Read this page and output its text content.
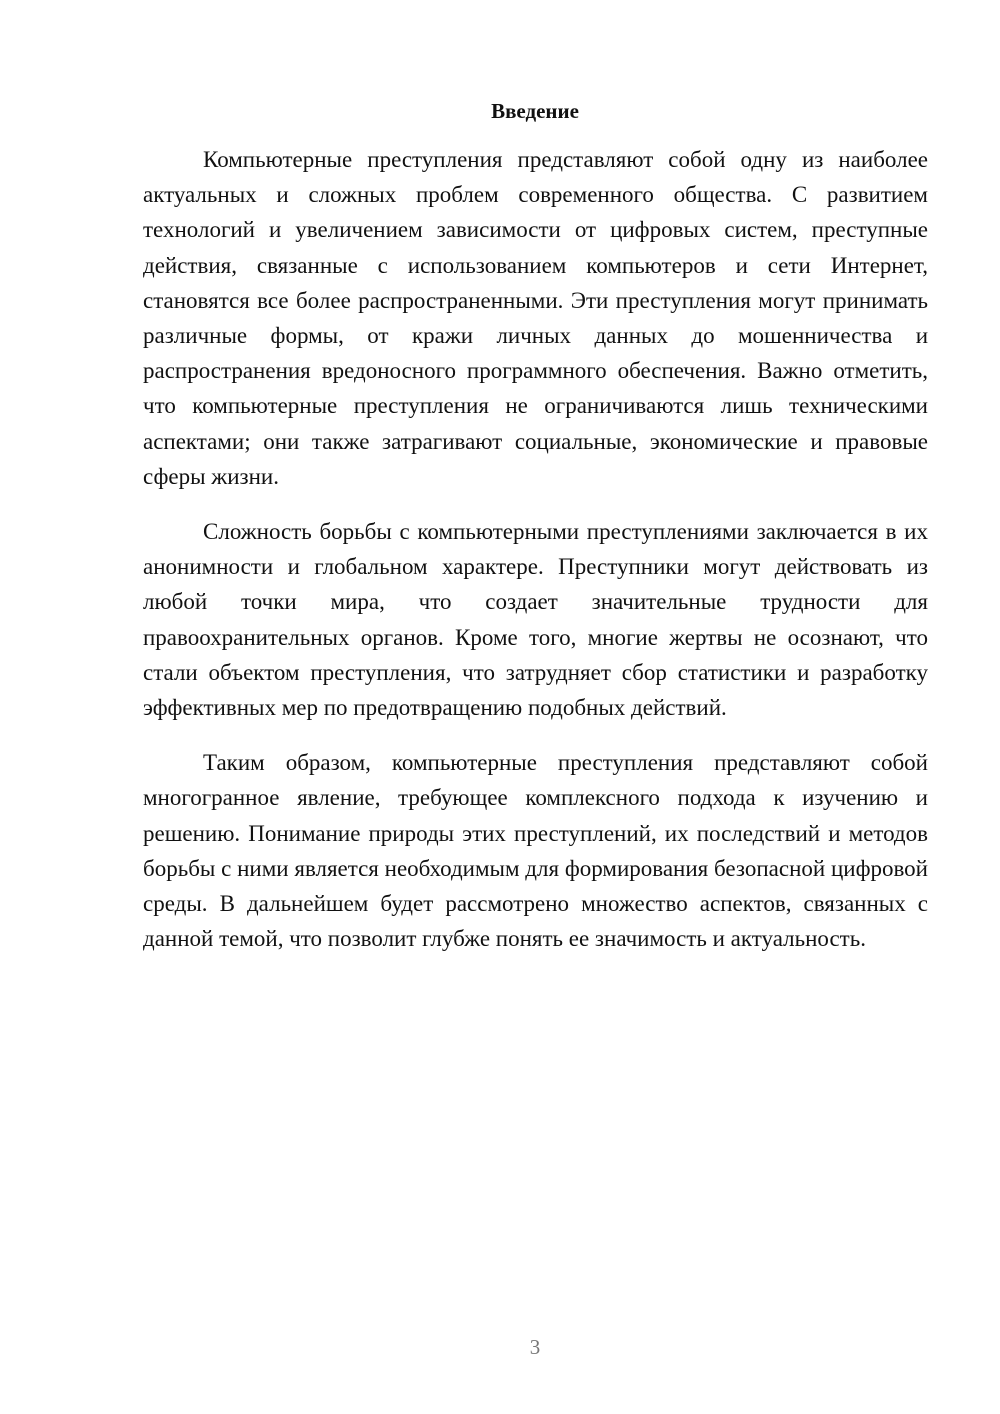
Введение

Компьютерные преступления представляют собой одну из наиболее актуальных и сложных проблем современного общества. С развитием технологий и увеличением зависимости от цифровых систем, преступные действия, связанные с использованием компьютеров и сети Интернет, становятся все более распространенными. Эти преступления могут принимать различные формы, от кражи личных данных до мошенничества и распространения вредоносного программного обеспечения. Важно отметить, что компьютерные преступления не ограничиваются лишь техническими аспектами; они также затрагивают социальные, экономические и правовые сферы жизни.

Сложность борьбы с компьютерными преступлениями заключается в их анонимности и глобальном характере. Преступники могут действовать из любой точки мира, что создает значительные трудности для правоохранительных органов. Кроме того, многие жертвы не осознают, что стали объектом преступления, что затрудняет сбор статистики и разработку эффективных мер по предотвращению подобных действий.

Таким образом, компьютерные преступления представляют собой многогранное явление, требующее комплексного подхода к изучению и решению. Понимание природы этих преступлений, их последствий и методов борьбы с ними является необходимым для формирования безопасной цифровой среды. В дальнейшем будет рассмотрено множество аспектов, связанных с данной темой, что позволит глубже понять ее значимость и актуальность.

3
